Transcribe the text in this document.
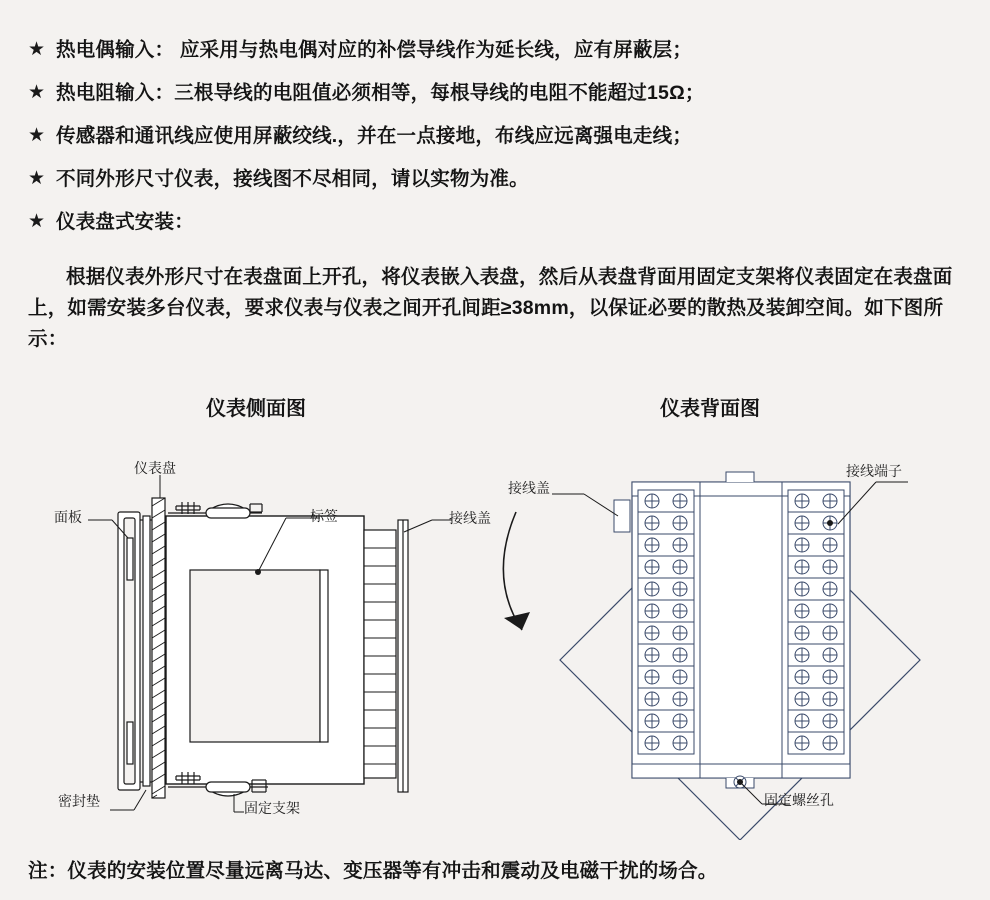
★ 热电偶输入： 应采用与热电偶对应的补偿导线作为延长线，应有屏蔽层；
★ 热电阻输入：三根导线的电阻值必须相等，每根导线的电阻不能超过15Ω；
★ 传感器和通讯线应使用屏蔽绞线.，并在一点接地，布线应远离强电走线；
★ 不同外形尺寸仪表，接线图不尽相同，请以实物为准。
★ 仪表盘式安装：
根据仪表外形尺寸在表盘面上开孔，将仪表嵌入表盘，然后从表盘背面用固定支架将仪表固定在表盘面上，如需安装多台仪表，要求仪表与仪表之间开孔间距≥38mm，以保证必要的散热及装卸空间。如下图所示：
仪表侧面图	仪表背面图
仪表盘
面板	标签	接线盖
密封垫	固定支架
接线盖
接线端子
固定螺丝孔
注：仪表的安装位置尽量远离马达、变压器等有冲击和震动及电磁干扰的场合。
